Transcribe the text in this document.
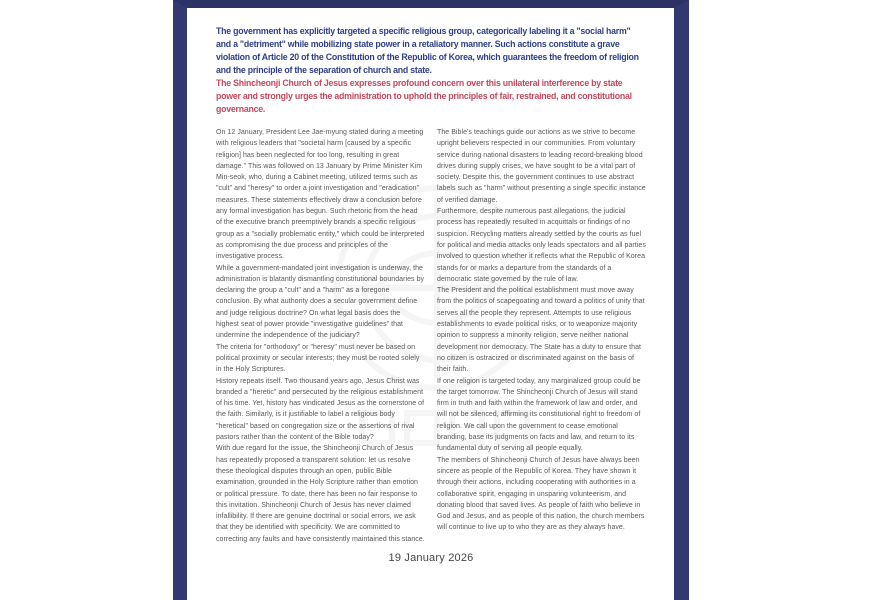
The government has explicitly targeted a specific religious group, categorically labeling it a "social harm" and a "detriment" while mobilizing state power in a retaliatory manner. Such actions constitute a grave violation of Article 20 of the Constitution of the Republic of Korea, which guarantees the freedom of religion and the principle of the separation of church and state.

The Shincheonji Church of Jesus expresses profound concern over this unilateral interference by state power and strongly urges the administration to uphold the principles of fair, restrained, and constitutional governance.

On 12 January, President Lee Jae-myung stated during a meeting with religious leaders that "societal harm [caused by a specific religion] has been neglected for too long, resulting in great damage." This was followed on 13 January by Prime Minister Kim Min-seok, who, during a Cabinet meeting, utilized terms such as "cult" and "heresy" to order a joint investigation and "eradication" measures. These statements effectively draw a conclusion before any formal investigation has begun. Such rhetoric from the head of the executive branch preemptively brands a specific religious group as a "socially problematic entity," which could be interpreted as compromising the due process and principles of the investigative process.

While a government-mandated joint investigation is underway, the administration is blatantly dismantling constitutional boundaries by declaring the group a "cult" and a "harm" as a foregone conclusion. By what authority does a secular government define and judge religious doctrine? On what legal basis does the highest seat of power provide "investigative guidelines" that undermine the independence of the judiciary?

The criteria for "orthodoxy" or "heresy" must never be based on political proximity or secular interests; they must be rooted solely in the Holy Scriptures.

History repeats itself. Two thousand years ago, Jesus Christ was branded a "heretic" and persecuted by the religious establishment of his time. Yet, history has vindicated Jesus as the cornerstone of the faith. Similarly, is it justifiable to label a religious body "heretical" based on congregation size or the assertions of rival pastors rather than the content of the Bible today?

With due regard for the issue, the Shincheonji Church of Jesus has repeatedly proposed a transparent solution: let us resolve these theological disputes through an open, public Bible examination, grounded in the Holy Scripture rather than emotion or political pressure. To date, there has been no fair response to this invitation. Shincheonji Church of Jesus has never claimed infallibility. If there are genuine doctrinal or social errors, we ask that they be identified with specificity. We are committed to correcting any faults and have consistently maintained this stance.

The Bible's teachings guide our actions as we strive to become upright believers respected in our communities. From voluntary service during national disasters to leading record-breaking blood drives during supply crises, we have sought to be a vital part of society. Despite this, the government continues to use abstract labels such as "harm" without presenting a single specific instance of verified damage.

Furthermore, despite numerous past allegations, the judicial process has repeatedly resulted in acquittals or findings of no suspicion. Recycling matters already settled by the courts as fuel for political and media attacks only leads spectators and all parties involved to question whether it reflects what the Republic of Korea stands for or marks a departure from the standards of a democratic state governed by the rule of law.

The President and the political establishment must move away from the politics of scapegoating and toward a politics of unity that serves all the people they represent. Attempts to use religious establishments to evade political risks, or to weaponize majority opinion to suppress a minority religion, serve neither national development nor democracy. The State has a duty to ensure that no citizen is ostracized or discriminated against on the basis of their faith.

If one religion is targeted today, any marginalized group could be the target tomorrow. The Shincheonji Church of Jesus will stand firm in truth and faith within the framework of law and order, and will not be silenced, affirming its constitutional right to freedom of religion. We call upon the government to cease emotional branding, base its judgments on facts and law, and return to its fundamental duty of serving all people equally.

The members of Shincheonji Church of Jesus have always been sincere as people of the Republic of Korea. They have shown it through their actions, including cooperating with authorities in a collaborative spirit, engaging in unsparing volunteerism, and donating blood that saved lives. As people of faith who believe in God and Jesus, and as people of this nation, the church members will continue to live up to who they are as they always have.

19 January 2026
